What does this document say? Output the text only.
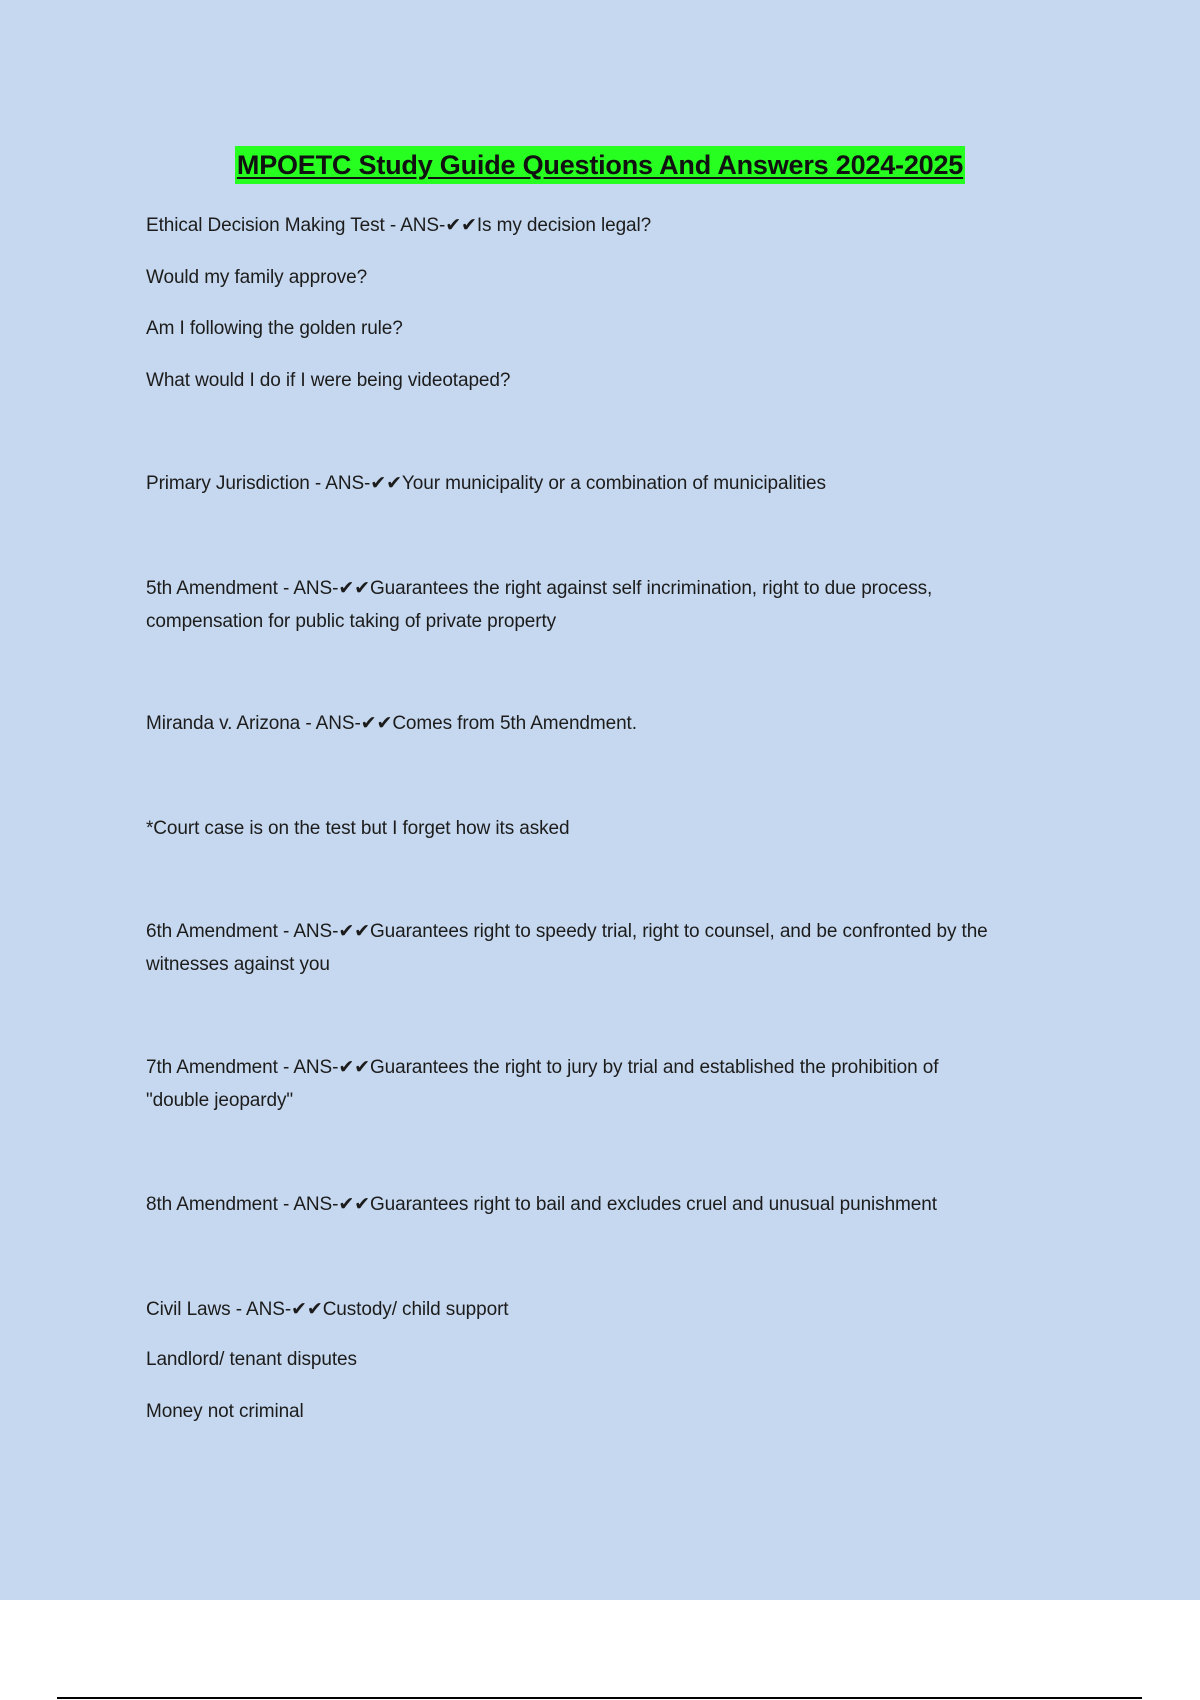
MPOETC Study Guide Questions And Answers 2024-2025
Ethical Decision Making Test - ANS-✔✔Is my decision legal?
Would my family approve?
Am I following the golden rule?
What would I do if I were being videotaped?
Primary Jurisdiction - ANS-✔✔Your municipality or a combination of municipalities
5th Amendment - ANS-✔✔Guarantees the right against self incrimination, right to due process,
compensation for public taking of private property
Miranda v. Arizona - ANS-✔✔Comes from 5th Amendment.
*Court case is on the test but I forget how its asked
6th Amendment - ANS-✔✔Guarantees right to speedy trial, right to counsel, and be confronted by the
witnesses against you
7th Amendment - ANS-✔✔Guarantees the right to jury by trial and established the prohibition of
"double jeopardy"
8th Amendment - ANS-✔✔Guarantees right to bail and excludes cruel and unusual punishment
Civil Laws - ANS-✔✔Custody/ child support
Landlord/ tenant disputes
Money not criminal
